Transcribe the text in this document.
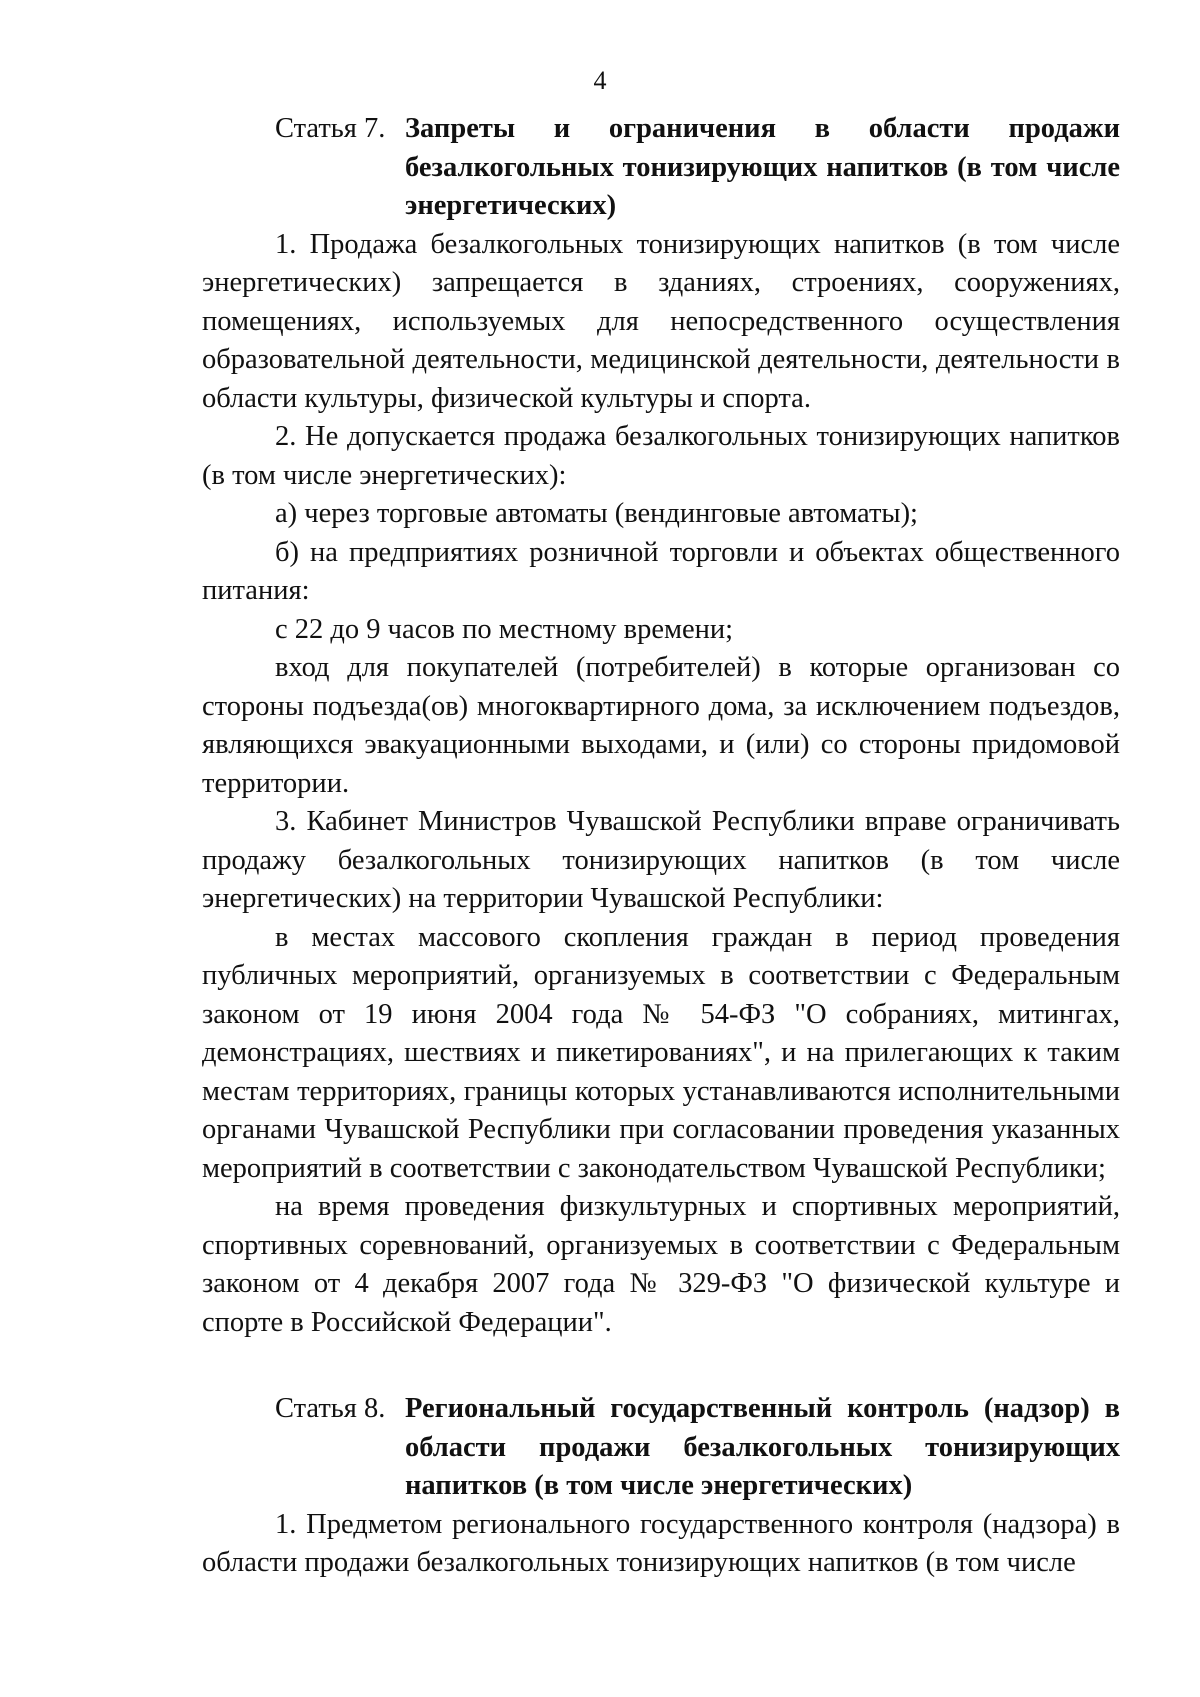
4
Статья 7. Запреты и ограничения в области продажи безалкогольных тонизирующих напитков (в том числе энергетических)

1. Продажа безалкогольных тонизирующих напитков (в том числе энергетических) запрещается в зданиях, строениях, сооружениях, помещениях, используемых для непосредственного осуществления образовательной деятельности, медицинской деятельности, деятельности в области культуры, физической культуры и спорта.

2. Не допускается продажа безалкогольных тонизирующих напитков (в том числе энергетических):

а) через торговые автоматы (вендинговые автоматы);

б) на предприятиях розничной торговли и объектах общественного питания:

с 22 до 9 часов по местному времени;

вход для покупателей (потребителей) в которые организован со стороны подъезда(ов) многоквартирного дома, за исключением подъездов, являющихся эвакуационными выходами, и (или) со стороны придомовой территории.

3. Кабинет Министров Чувашской Республики вправе ограничивать продажу безалкогольных тонизирующих напитков (в том числе энергетических) на территории Чувашской Республики:

в местах массового скопления граждан в период проведения публичных мероприятий, организуемых в соответствии с Федеральным законом от 19 июня 2004 года № 54-ФЗ "О собраниях, митингах, демонстрациях, шествиях и пикетированиях", и на прилегающих к таким местам территориях, границы которых устанавливаются исполнительными органами Чувашской Республики при согласовании проведения указанных мероприятий в соответствии с законодательством Чувашской Республики;

на время проведения физкультурных и спортивных мероприятий, спортивных соревнований, организуемых в соответствии с Федеральным законом от 4 декабря 2007 года № 329-ФЗ "О физической культуре и спорте в Российской Федерации".

Статья 8. Региональный государственный контроль (надзор) в области продажи безалкогольных тонизирующих напитков (в том числе энергетических)

1. Предметом регионального государственного контроля (надзора) в области продажи безалкогольных тонизирующих напитков (в том числе
